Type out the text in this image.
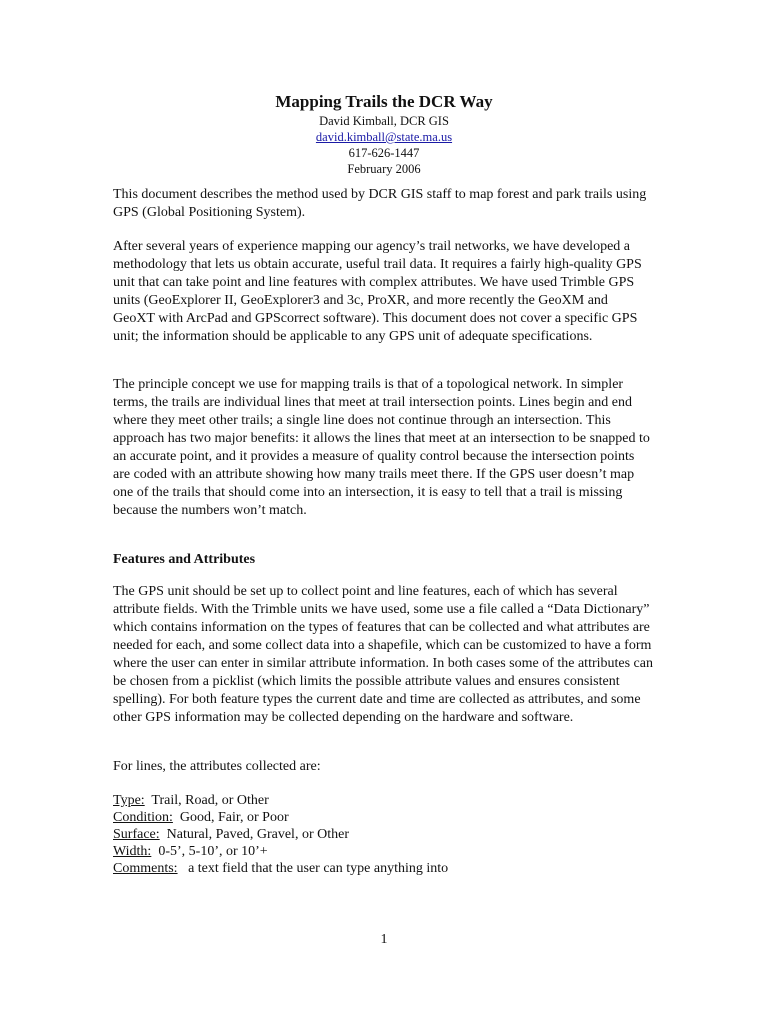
Mapping Trails the DCR Way

David Kimball, DCR GIS

david.kimball@state.ma.us

617-626-1447

February 2006

This document describes the method used by DCR GIS staff to map forest and park trails using GPS (Global Positioning System).

After several years of experience mapping our agency’s trail networks, we have developed a methodology that lets us obtain accurate, useful trail data. It requires a fairly high-quality GPS unit that can take point and line features with complex attributes. We have used Trimble GPS units (GeoExplorer II, GeoExplorer3 and 3c, ProXR, and more recently the GeoXM and GeoXT with ArcPad and GPScorrect software). This document does not cover a specific GPS unit; the information should be applicable to any GPS unit of adequate specifications.

The principle concept we use for mapping trails is that of a topological network. In simpler terms, the trails are individual lines that meet at trail intersection points. Lines begin and end where they meet other trails; a single line does not continue through an intersection. This approach has two major benefits: it allows the lines that meet at an intersection to be snapped to an accurate point, and it provides a measure of quality control because the intersection points are coded with an attribute showing how many trails meet there. If the GPS user doesn’t map one of the trails that should come into an intersection, it is easy to tell that a trail is missing because the numbers won’t match.

Features and Attributes

The GPS unit should be set up to collect point and line features, each of which has several attribute fields. With the Trimble units we have used, some use a file called a “Data Dictionary” which contains information on the types of features that can be collected and what attributes are needed for each, and some collect data into a shapefile, which can be customized to have a form where the user can enter in similar attribute information. In both cases some of the attributes can be chosen from a picklist (which limits the possible attribute values and ensures consistent spelling). For both feature types the current date and time are collected as attributes, and some other GPS information may be collected depending on the hardware and software.

For lines, the attributes collected are:

Type:  Trail, Road, or Other
Condition:  Good, Fair, or Poor
Surface:  Natural, Paved, Gravel, or Other
Width:  0-5’, 5-10’, or 10’+
Comments:   a text field that the user can type anything into
1
